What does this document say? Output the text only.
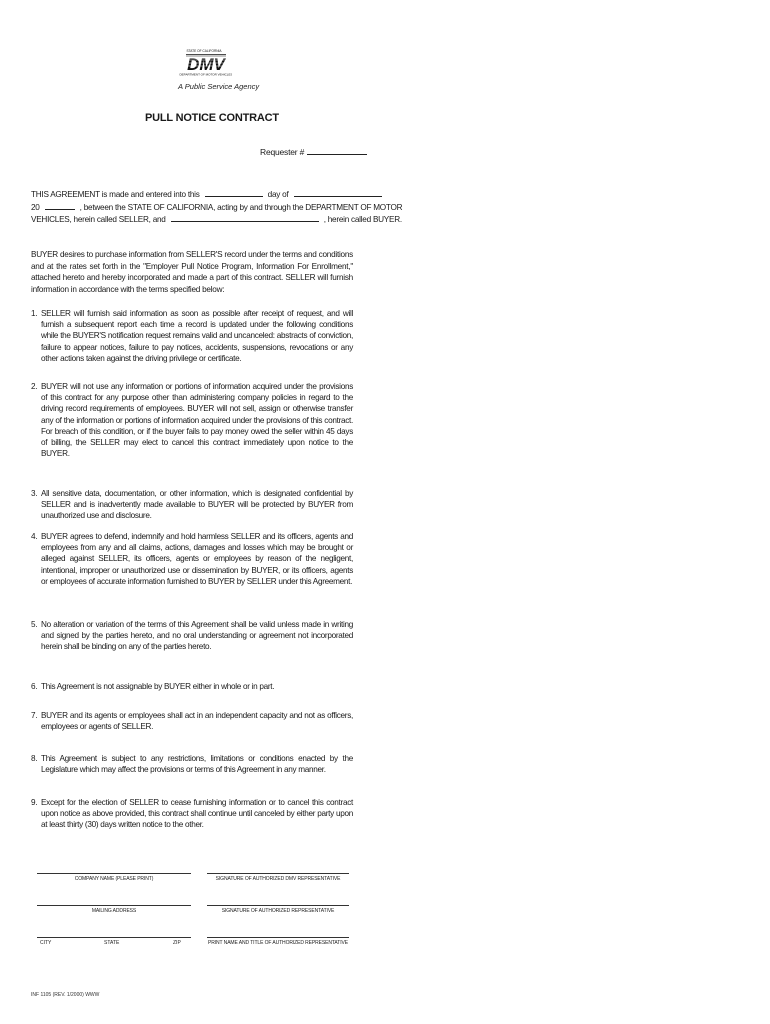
STATE OF CALIFORNIA
DMV
DEPARTMENT OF MOTOR VEHICLES
A Public Service Agency
PULL NOTICE CONTRACT
Requester #
THIS AGREEMENT is made and entered into this	day of
20	, between the STATE OF CALIFORNIA, acting by and through the DEPARTMENT OF MOTOR
VEHICLES, herein called SELLER, and	, herein called BUYER.
BUYER desires to purchase information from SELLER'S record under the terms and conditions and at the rates set forth in the "Employer Pull Notice Program, Information For Enrollment," attached hereto and hereby incorporated and made a part of this contract. SELLER will furnish information in accordance with the terms specified below:
1. SELLER will furnish said information as soon as possible after receipt of request, and will furnish a subsequent report each time a record is updated under the following conditions while the BUYER'S notification request remains valid and uncanceled: abstracts of conviction, failure to appear notices, failure to pay notices, accidents, suspensions, revocations or any other actions taken against the driving privilege or certificate.
2. BUYER will not use any information or portions of information acquired under the provisions of this contract for any purpose other than administering company policies in regard to the driving record requirements of employees. BUYER will not sell, assign or otherwise transfer any of the information or portions of information acquired under the provisions of this contract. For breach of this condition, or if the buyer fails to pay money owed the seller within 45 days of billing, the SELLER may elect to cancel this contract immediately upon notice to the BUYER.
3. All sensitive data, documentation, or other information, which is designated confidential by SELLER and is inadvertently made available to BUYER will be protected by BUYER from unauthorized use and disclosure.
4. BUYER agrees to defend, indemnify and hold harmless SELLER and its officers, agents and employees from any and all claims, actions, damages and losses which may be brought or alleged against SELLER, its officers, agents or employees by reason of the negligent, intentional, improper or unauthorized use or dissemination by BUYER, or its officers, agents or employees of accurate information furnished to BUYER by SELLER under this Agreement.
5. No alteration or variation of the terms of this Agreement shall be valid unless made in writing and signed by the parties hereto, and no oral understanding or agreement not incorporated herein shall be binding on any of the parties hereto.
6. This Agreement is not assignable by BUYER either in whole or in part.
7. BUYER and its agents or employees shall act in an independent capacity and not as officers, employees or agents of SELLER.
8. This Agreement is subject to any restrictions, limitations or conditions enacted by the Legislature which may affect the provisions or terms of this Agreement in any manner.
9. Except for the election of SELLER to cease furnishing information or to cancel this contract upon notice as above provided, this contract shall continue until canceled by either party upon at least thirty (30) days written notice to the other.
COMPANY NAME (PLEASE PRINT)	SIGNATURE OF AUTHORIZED DMV REPRESENTATIVE
MAILING ADDRESS	SIGNATURE OF AUTHORIZED REPRESENTATIVE
CITY	STATE	ZIP	PRINT NAME AND TITLE OF AUTHORIZED REPRESENTATIVE
INF 1105 (REV. 1/2000) WWW
